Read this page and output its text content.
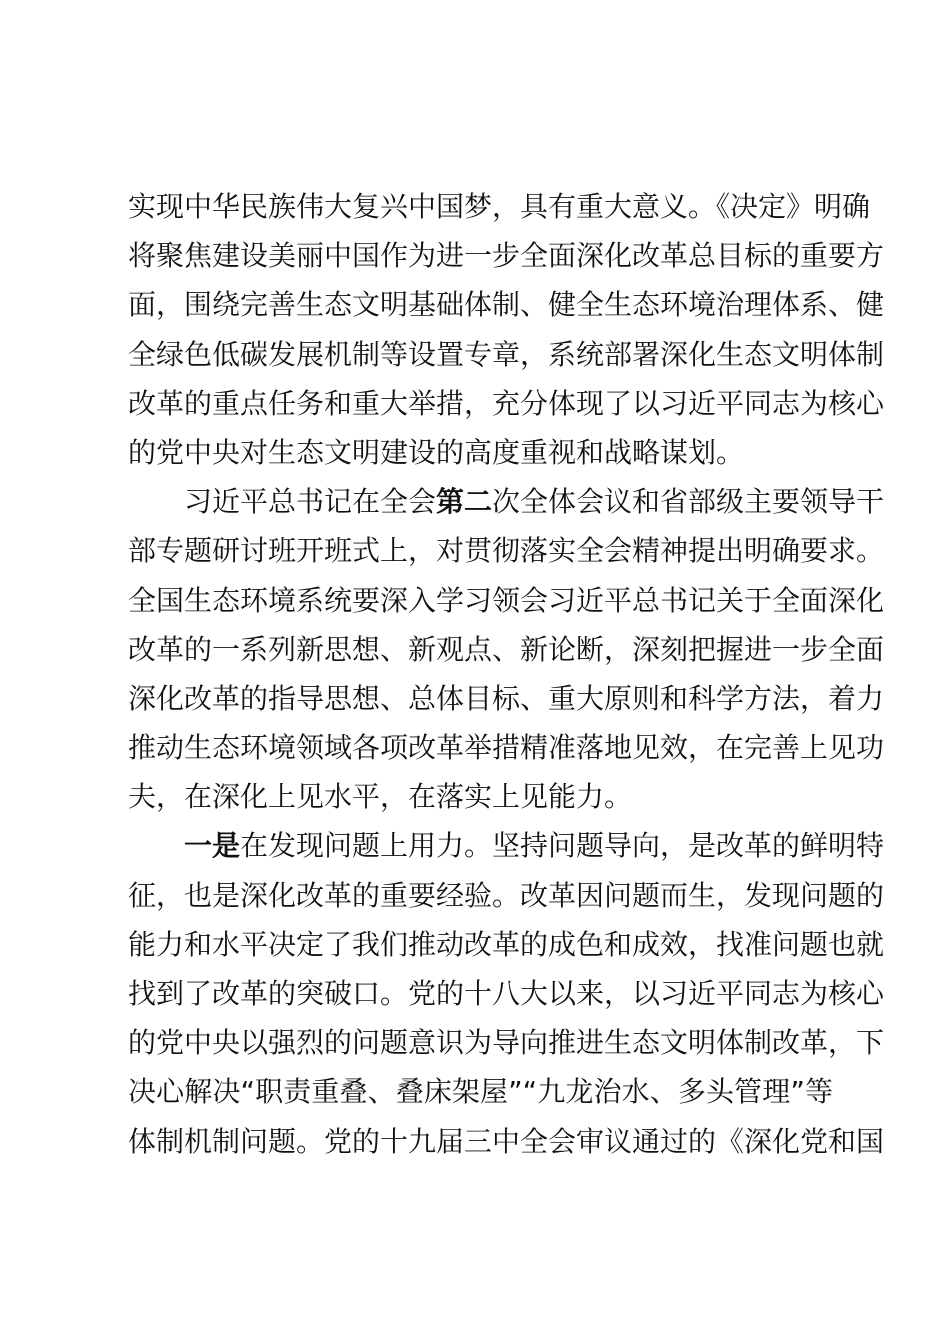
实现中华民族伟大复兴中国梦，具有重大意义。《决定》明确
将聚焦建设美丽中国作为进一步全面深化改革总目标的重要方
面，围绕完善生态文明基础体制、健全生态环境治理体系、健
全绿色低碳发展机制等设置专章，系统部署深化生态文明体制
改革的重点任务和重大举措，充分体现了以习近平同志为核心
的党中央对生态文明建设的高度重视和战略谋划。
习近平总书记在全会第二次全体会议和省部级主要领导干
部专题研讨班开班式上，对贯彻落实全会精神提出明确要求。
全国生态环境系统要深入学习领会习近平总书记关于全面深化
改革的一系列新思想、新观点、新论断，深刻把握进一步全面
深化改革的指导思想、总体目标、重大原则和科学方法，着力
推动生态环境领域各项改革举措精准落地见效，在完善上见功
夫，在深化上见水平，在落实上见能力。
一是在发现问题上用力。坚持问题导向，是改革的鲜明特
征，也是深化改革的重要经验。改革因问题而生，发现问题的
能力和水平决定了我们推动改革的成色和成效，找准问题也就
找到了改革的突破口。党的十八大以来，以习近平同志为核心
的党中央以强烈的问题意识为导向推进生态文明体制改革，下
决心解决“职责重叠、叠床架屋”“九龙治水、多头管理”等
体制机制问题。党的十九届三中全会审议通过的《深化党和国
